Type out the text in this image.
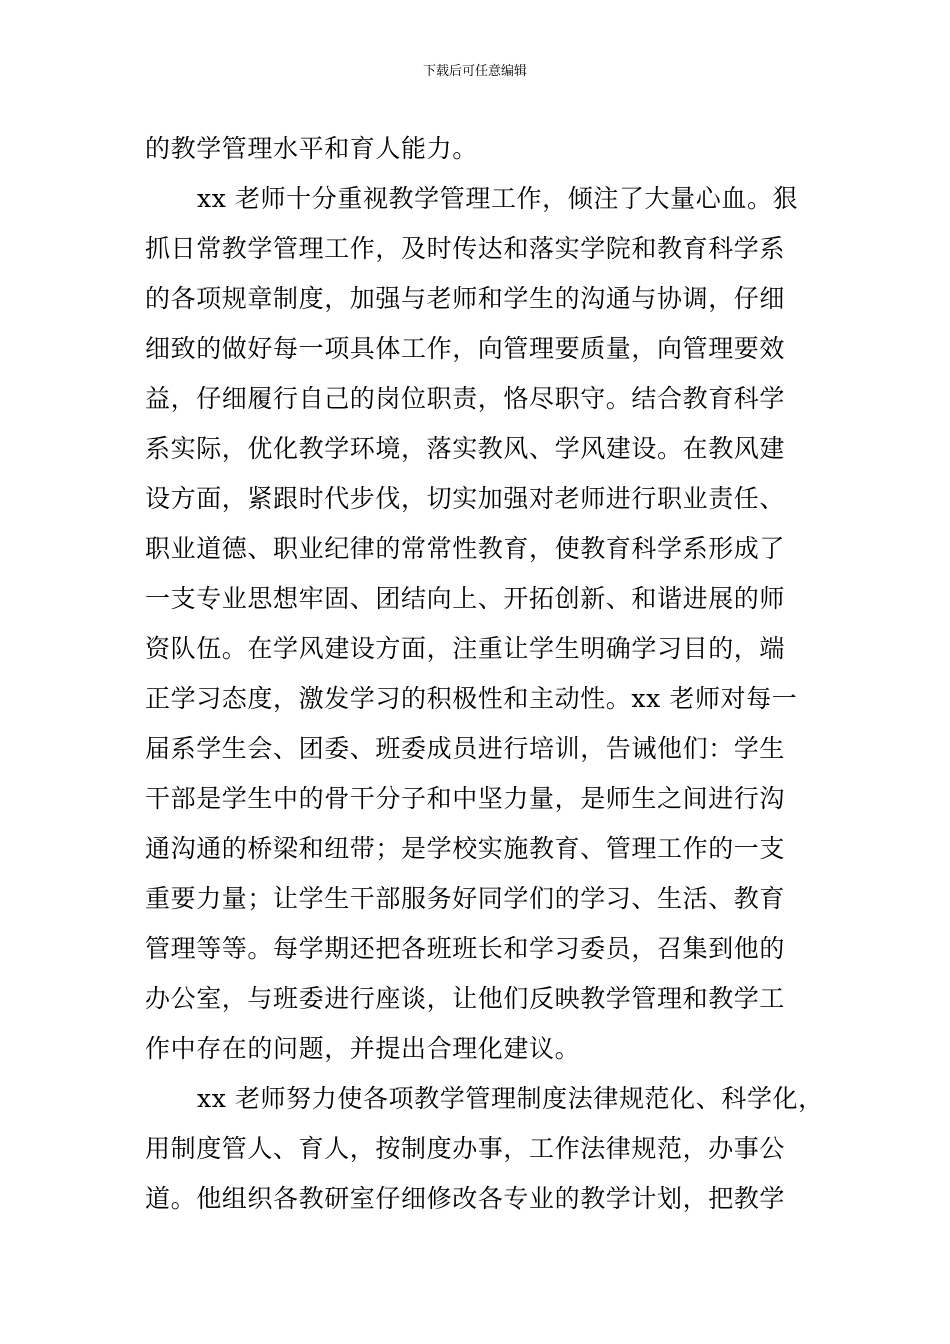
下载后可任意编辑
的教学管理水平和育人能力。
xx 老师十分重视教学管理工作，倾注了大量心血。狠
抓日常教学管理工作，及时传达和落实学院和教育科学系
的各项规章制度，加强与老师和学生的沟通与协调，仔细
细致的做好每一项具体工作，向管理要质量，向管理要效
益，仔细履行自己的岗位职责，恪尽职守。结合教育科学
系实际，优化教学环境，落实教风、学风建设。在教风建
设方面，紧跟时代步伐，切实加强对老师进行职业责任、
职业道德、职业纪律的常常性教育，使教育科学系形成了
一支专业思想牢固、团结向上、开拓创新、和谐进展的师
资队伍。在学风建设方面，注重让学生明确学习目的，端
正学习态度，激发学习的积极性和主动性。xx 老师对每一
届系学生会、团委、班委成员进行培训，告诫他们：学生
干部是学生中的骨干分子和中坚力量，是师生之间进行沟
通沟通的桥梁和纽带；是学校实施教育、管理工作的一支
重要力量；让学生干部服务好同学们的学习、生活、教育
管理等等。每学期还把各班班长和学习委员，召集到他的
办公室，与班委进行座谈，让他们反映教学管理和教学工
作中存在的问题，并提出合理化建议。
xx 老师努力使各项教学管理制度法律规范化、科学化，
用制度管人、育人，按制度办事，工作法律规范，办事公
道。他组织各教研室仔细修改各专业的教学计划，把教学
